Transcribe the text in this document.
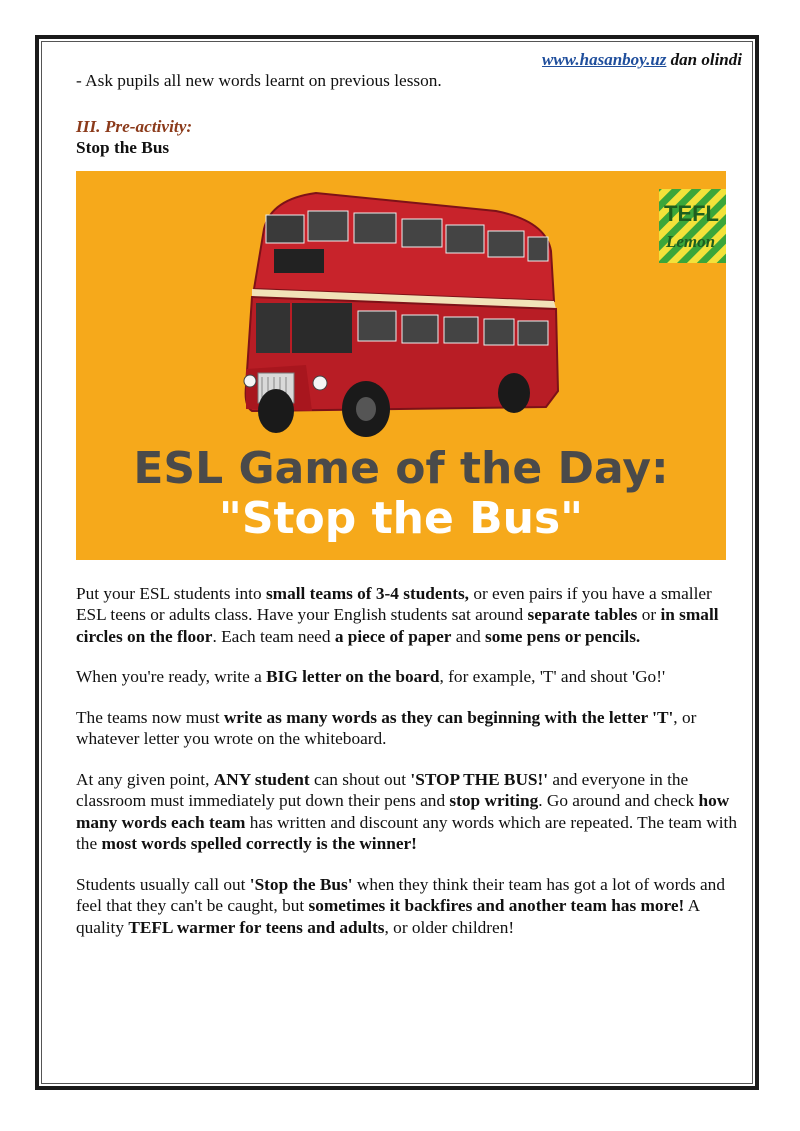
www.hasanboy.uz dan olindi

- Ask pupils all new words learnt on previous lesson.

III. Pre-activity:

Stop the Bus

TEFL
Lemon
ESL Game of the Day:
"Stop the Bus"

Put your ESL students into small teams of 3-4 students, or even pairs if you have a smaller ESL teens or adults class. Have your English students sat around separate tables or in small circles on the floor. Each team need a piece of paper and some pens or pencils.

When you're ready, write a BIG letter on the board, for example, 'T' and shout 'Go!'

The teams now must write as many words as they can beginning with the letter 'T', or whatever letter you wrote on the whiteboard.

At any given point, ANY student can shout out 'STOP THE BUS!' and everyone in the classroom must immediately put down their pens and stop writing. Go around and check how many words each team has written and discount any words which are repeated. The team with the most words spelled correctly is the winner!

Students usually call out 'Stop the Bus' when they think their team has got a lot of words and feel that they can't be caught, but sometimes it backfires and another team has more! A quality TEFL warmer for teens and adults, or older children!
